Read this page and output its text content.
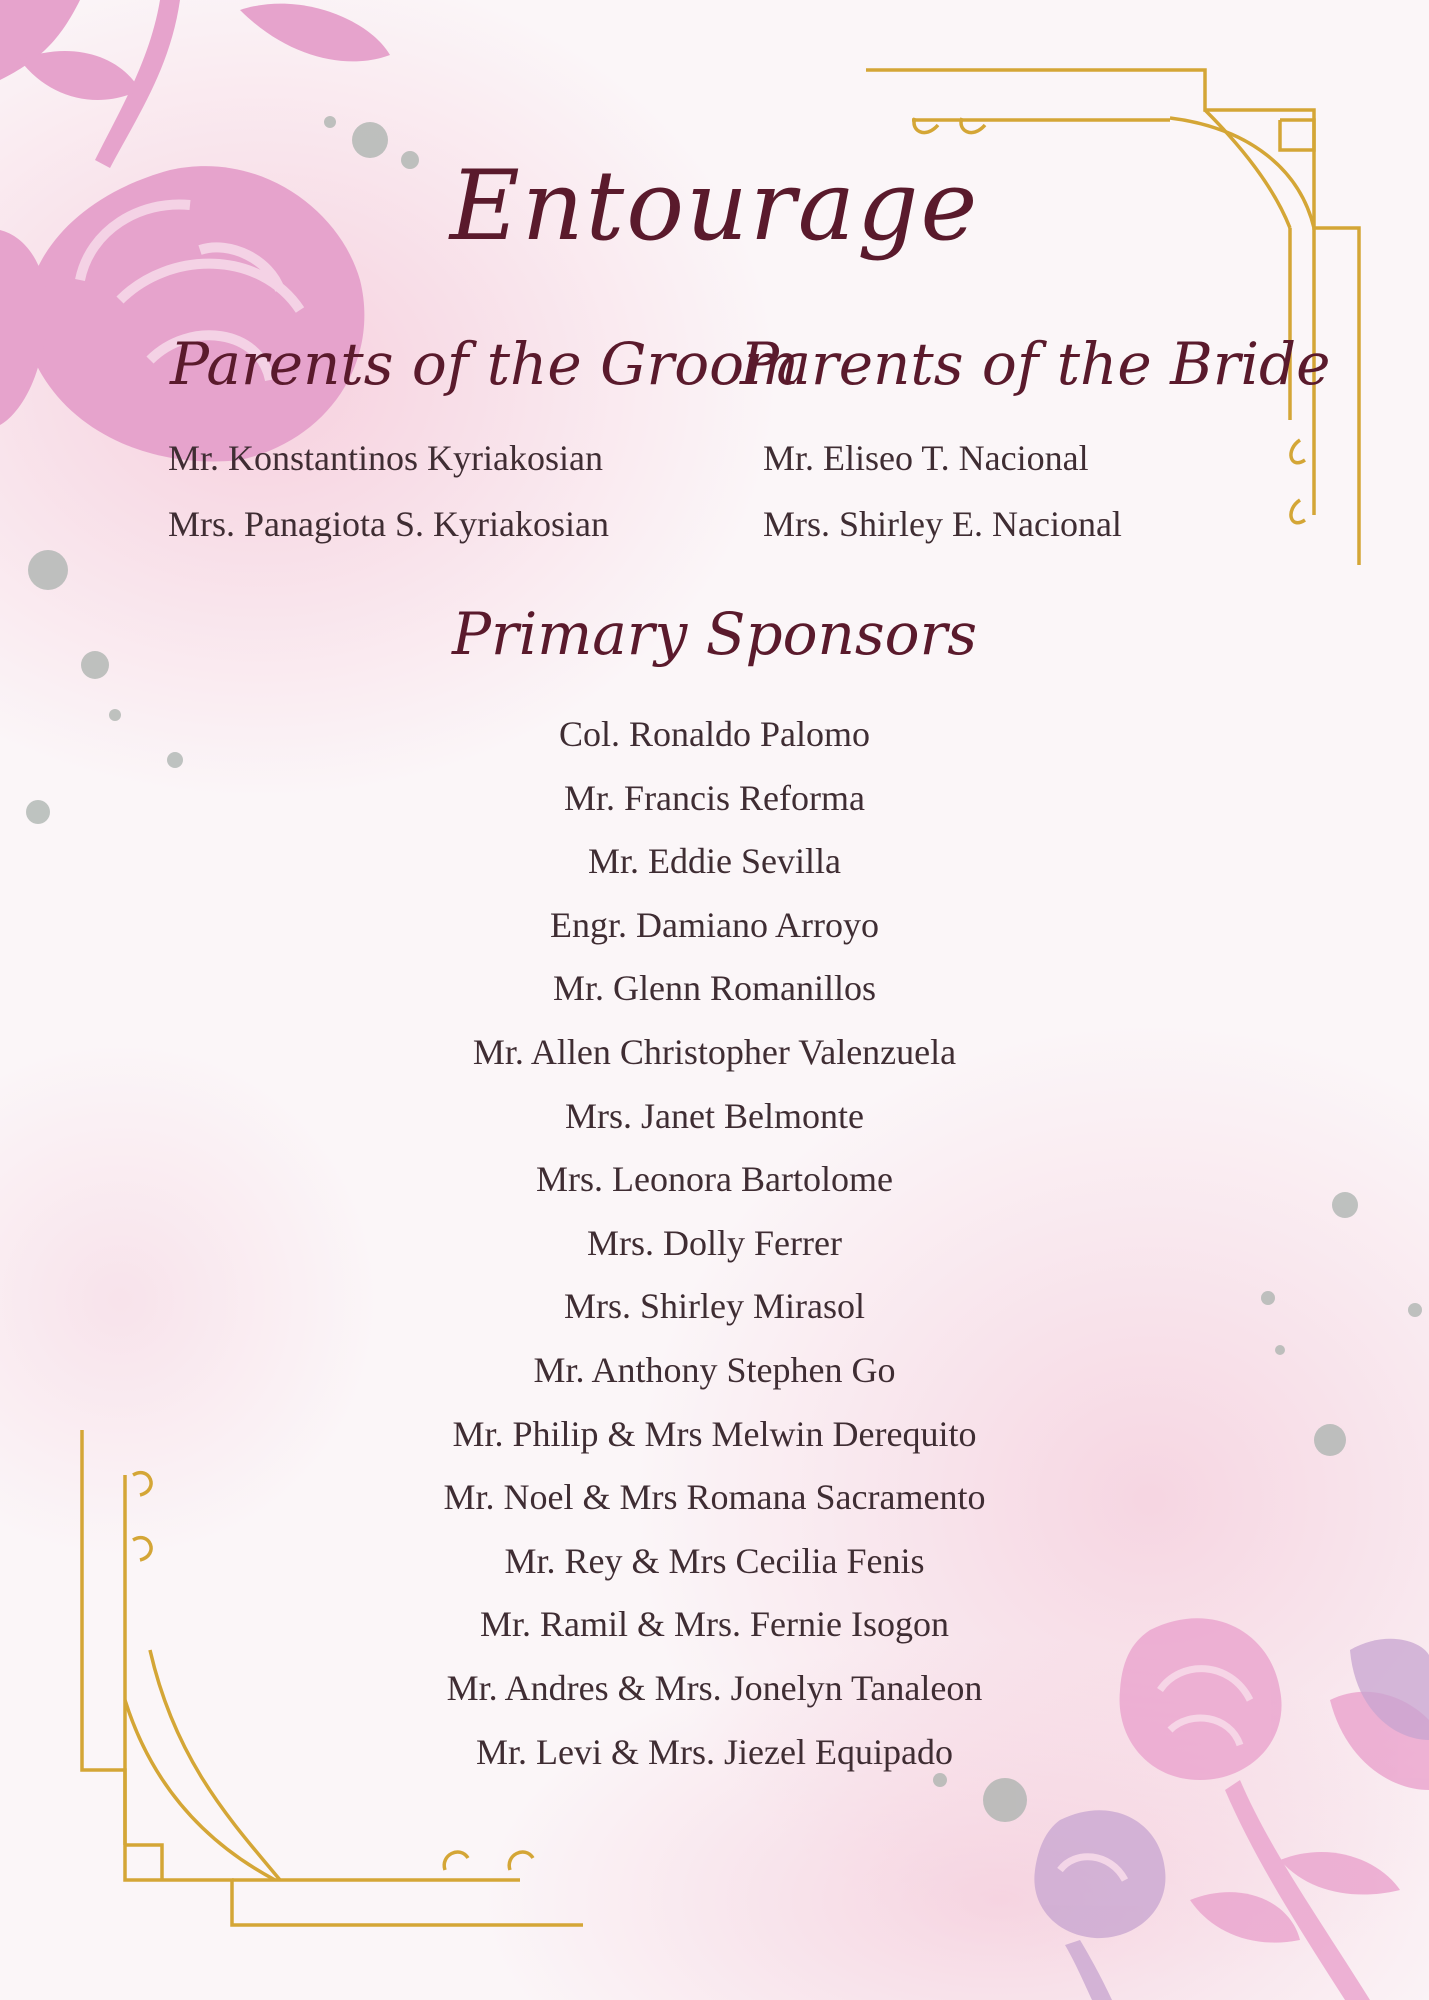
Entourage
Parents of the Groom
Parents of the Bride
Mr. Konstantinos Kyriakosian
Mrs. Panagiota S. Kyriakosian
Mr. Eliseo T. Nacional
Mrs. Shirley E. Nacional
Primary Sponsors
Col. Ronaldo Palomo
Mr. Francis Reforma
Mr. Eddie Sevilla
Engr. Damiano Arroyo
Mr. Glenn Romanillos
Mr. Allen Christopher Valenzuela
Mrs. Janet Belmonte
Mrs. Leonora Bartolome
Mrs. Dolly Ferrer
Mrs. Shirley Mirasol
Mr. Anthony Stephen Go
Mr. Philip & Mrs Melwin Derequito
Mr. Noel & Mrs Romana Sacramento
Mr. Rey & Mrs Cecilia Fenis
Mr. Ramil & Mrs. Fernie Isogon
Mr. Andres & Mrs. Jonelyn Tanaleon
Mr. Levi & Mrs. Jiezel Equipado
